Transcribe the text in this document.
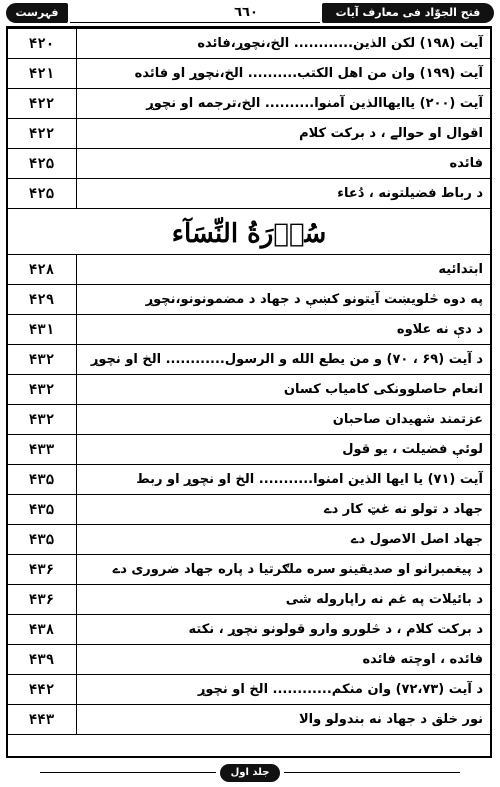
فہرست	٦٦٠	فتح الجوّاد فی معارف آیات الجھاد
آیت (۱۹۸) لکن الذین............ الخ،نچوړ،فائده	۴۲۰
آیت (۱۹۹) وان من اهل الکتب.......... الخ،نچوړ او فائده	۴۲۱
آیت (۲۰۰) یاایهاالذین آمنوا.......... الخ،ترجمه او نچوړ	۴۲۲
اقوال او حوالے ، د برکت کلام	۴۲۲
فائده	۴۲۵
د رباط فضیلتونه ، دُعاء	۴۲۵
سُوۡرَةُ النِّسَآء
ابتدائیه	۴۲۸
په دوه څلویښت آیتونو کښې د جهاد د مضمونونو،نچوړ	۴۲۹
د دې نه علاوه	۴۳۱
د آیت (۶۹ ، ۷۰) و من یطع الله و الرسول............ الخ او نچوړ	۴۳۲
انعام حاصلوونکی کامیاب کسان	۴۳۲
عزتمند شهیدان صاحبان	۴۳۲
لوئې فضیلت ، یو قول	۴۳۳
آیت (۷۱) یا ایها الذین امنوا........... الخ او نچوړ او ربط	۴۳۵
جهاد د تولو نه غټ کار دے	۴۳۵
جهاد اصل الاصول دے	۴۳۵
د پیغمبرانو او صدیقینو سره ملګرتیا د پاره جهاد ضروری دے	۴۳۶
د بائیلات په غم نه راپاروله شی	۴۳۶
د برکت کلام ، د څلورو وارو قولونو نچوړ ، نکته	۴۳۸
فائده ، اوچته فائده	۴۳۹
د آیت (۷۲،۷۳) وان منکم............ الخ او نچوړ	۴۴۲
نور خلق د جهاد نه بندولو والا	۴۴۳
جلد اول
